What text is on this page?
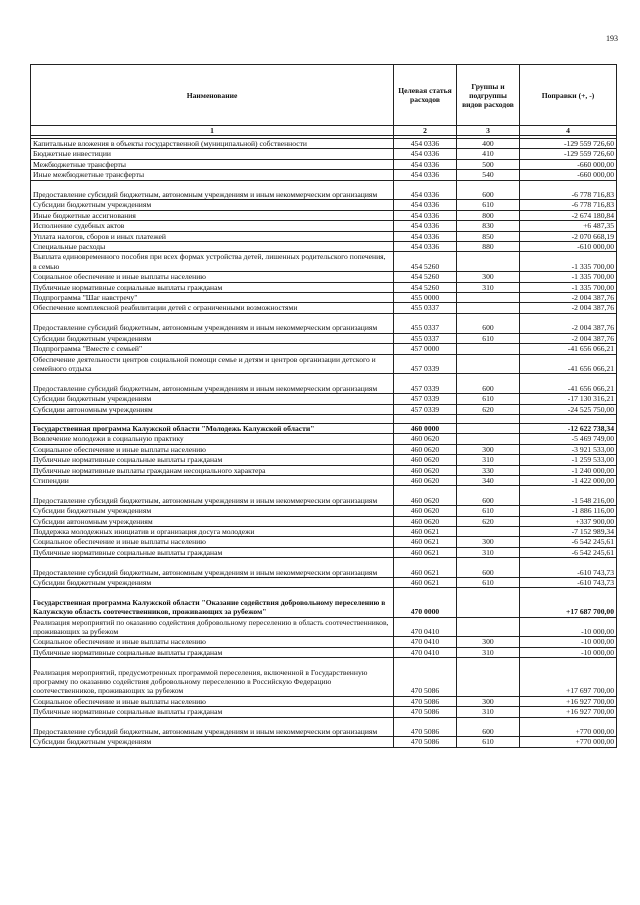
193
Наименование	Целевая статья расходов	Группы и подгруппы видов расходов	Поправки (+, -)
1	2	3	4

Капитальные вложения в объекты государственной (муниципальной) собственности	454 0336	400	-129 559 726,60
Бюджетные инвестиции	454 0336	410	-129 559 726,60
Межбюджетные трансферты	454 0336	500	-660 000,00
Иные межбюджетные трансферты	454 0336	540	-660 000,00
Предоставление субсидий бюджетным, автономным учреждениям и иным некоммерческим организациям	454 0336	600	-6 778 716,83
Субсидии бюджетным учреждениям	454 0336	610	-6 778 716,83
Иные бюджетные ассигнования	454 0336	800	-2 674 180,84
Исполнение судебных актов	454 0336	830	+6 487,35
Уплата налогов, сборов и иных платежей	454 0336	850	-2 070 668,19
Специальные расходы	454 0336	880	-610 000,00
Выплата единовременного пособия при всех формах устройства детей, лишенных родительского попечения, в семью	454 5260		-1 335 700,00
Социальное обеспечение и иные выплаты населению	454 5260	300	-1 335 700,00
Публичные нормативные социальные выплаты гражданам	454 5260	310	-1 335 700,00
Подпрограмма "Шаг навстречу"	455 0000		-2 004 387,76
Обеспечение комплексной реабилитации детей с ограниченными возможностями	455 0337		-2 004 387,76
Предоставление субсидий бюджетным, автономным учреждениям и иным некоммерческим организациям	455 0337	600	-2 004 387,76
Субсидии бюджетным учреждениям	455 0337	610	-2 004 387,76
Подпрограмма "Вместе с семьей"	457 0000		-41 656 066,21
Обеспечение деятельности центров социальной помощи семье и детям и центров организации детского и семейного отдыха	457 0339		-41 656 066,21
Предоставление субсидий бюджетным, автономным учреждениям и иным некоммерческим организациям	457 0339	600	-41 656 066,21
Субсидии бюджетным учреждениям	457 0339	610	-17 130 316,21
Субсидии автономным учреждениям	457 0339	620	-24 525 750,00

Государственная программа Калужской области "Молодежь Калужской области"	460 0000		-12 622 738,34
Вовлечение молодежи в социальную практику	460 0620		-5 469 749,00
Социальное обеспечение и иные выплаты населению	460 0620	300	-3 921 533,00
Публичные нормативные социальные выплаты гражданам	460 0620	310	-1 259 533,00
Публичные нормативные выплаты гражданам несоциального характера	460 0620	330	-1 240 000,00
Стипендии	460 0620	340	-1 422 000,00
Предоставление субсидий бюджетным, автономным учреждениям и иным некоммерческим организациям	460 0620	600	-1 548 216,00
Субсидии бюджетным учреждениям	460 0620	610	-1 886 116,00
Субсидии автономным учреждениям	460 0620	620	+337 900,00
Поддержка молодежных инициатив и организация досуга молодежи	460 0621		-7 152 989,34
Социальное обеспечение и иные выплаты населению	460 0621	300	-6 542 245,61
Публичные нормативные социальные выплаты гражданам	460 0621	310	-6 542 245,61
Предоставление субсидий бюджетным, автономным учреждениям и иным некоммерческим организациям	460 0621	600	-610 743,73
Субсидии бюджетным учреждениям	460 0621	610	-610 743,73
Государственная программа Калужской области "Оказание содействия добровольному переселению в Калужскую область соотечественников, проживающих за рубежом"	470 0000		+17 687 700,00
Реализация мероприятий по оказанию содействия добровольному переселению в область соотечественников, проживающих за рубежом	470 0410		-10 000,00
Социальное обеспечение и иные выплаты населению	470 0410	300	-10 000,00
Публичные нормативные социальные выплаты гражданам	470 0410	310	-10 000,00
Реализация мероприятий, предусмотренных программой переселения, включенной в Государственную программу по оказанию содействия добровольному переселению в Российскую Федерацию соотечественников, проживающих за рубежом	470 5086		+17 697 700,00
Социальное обеспечение и иные выплаты населению	470 5086	300	+16 927 700,00
Публичные нормативные социальные выплаты гражданам	470 5086	310	+16 927 700,00
Предоставление субсидий бюджетным, автономным учреждениям и иным некоммерческим организациям	470 5086	600	+770 000,00
Субсидии бюджетным учреждениям	470 5086	610	+770 000,00
